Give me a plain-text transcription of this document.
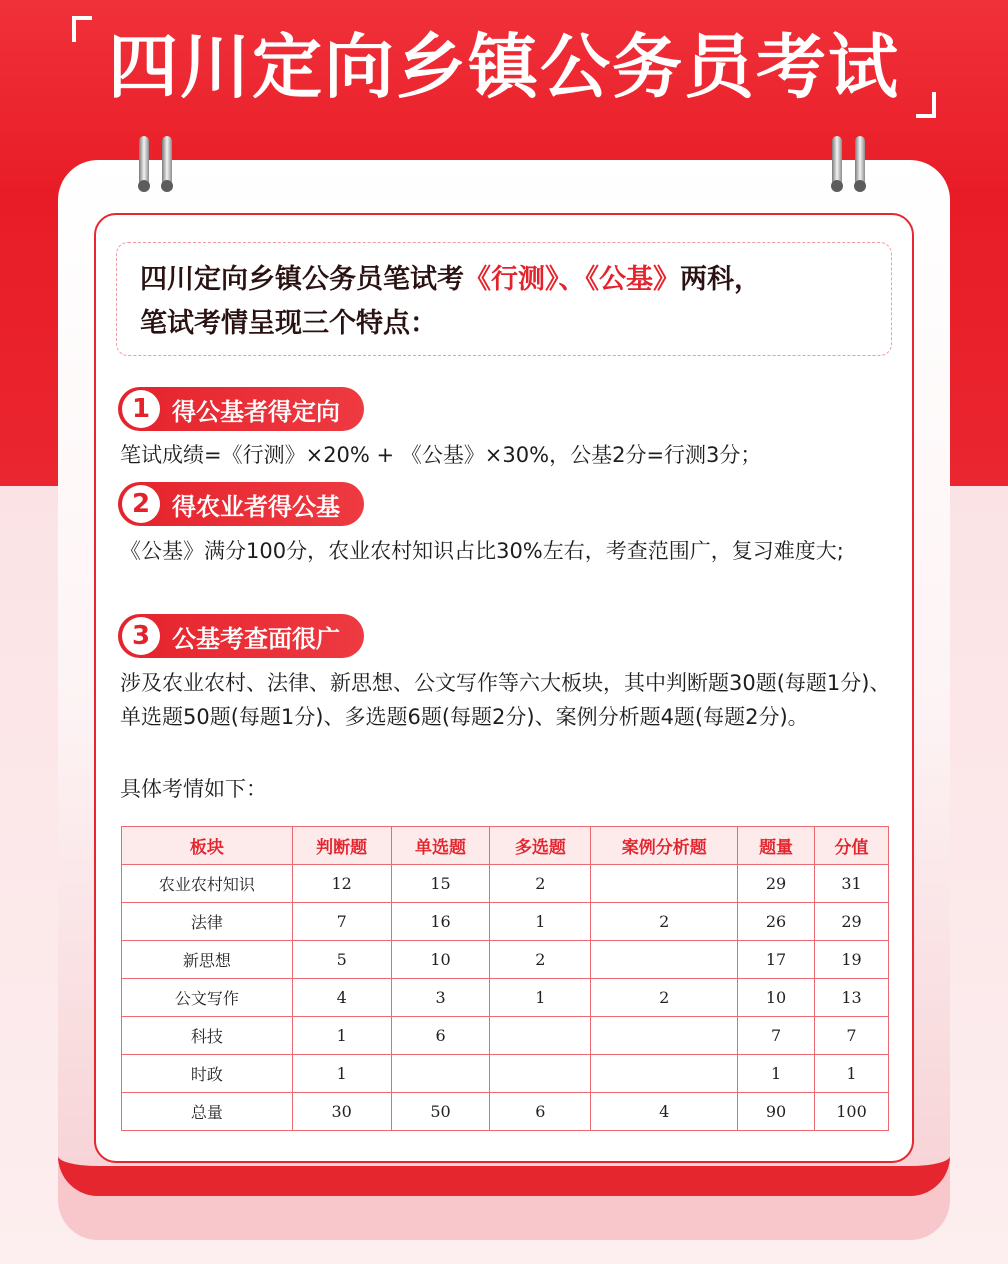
四川定向乡镇公务员考试
四川定向乡镇公务员笔试考《行测》、《公基》两科，
笔试考情呈现三个特点：
1 得公基者得定向
笔试成绩=《行测》×20% + 《公基》×30%，公基2分=行测3分；
2 得农业者得公基
《公基》满分100分，农业农村知识占比30%左右，考查范围广，复习难度大;
3 公基考查面很广
涉及农业农村、法律、新思想、公文写作等六大板块，其中判断题30题(每题1分)、单选题50题(每题1分)、多选题6题(每题2分)、案例分析题4题(每题2分)。
具体考情如下：
板块	判断题	单选题	多选题	案例分析题	题量	分值
农业农村知识	12	15	2		29	31
法律	7	16	1	2	26	29
新思想	5	10	2		17	19
公文写作	4	3	1	2	10	13
科技	1	6			7	7
时政	1				1	1
总量	30	50	6	4	90	100
